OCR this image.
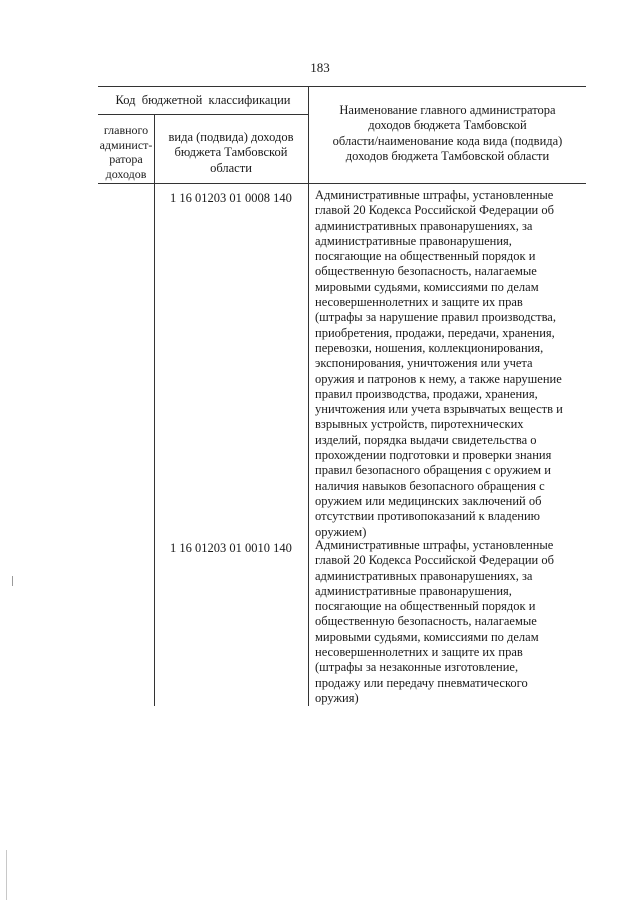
183
Код  бюджетной  классификации
главного
админист-
ратора
доходов
вида (подвида) доходов
бюджета Тамбовской
области
Наименование главного администратора
доходов бюджета Тамбовской
области/наименование кода вида (подвида)
доходов бюджета Тамбовской области
1 16 01203 01 0008 140	Административные штрафы, установленные
главой 20 Кодекса Российской Федерации об
административных правонарушениях, за
административные правонарушения,
посягающие на общественный порядок и
общественную безопасность, налагаемые
мировыми судьями, комиссиями по делам
несовершеннолетних и защите их прав
(штрафы за нарушение правил производства,
приобретения, продажи, передачи, хранения,
перевозки, ношения, коллекционирования,
экспонирования, уничтожения или учета
оружия и патронов к нему, а также нарушение
правил производства, продажи, хранения,
уничтожения или учета взрывчатых веществ и
взрывных устройств, пиротехнических
изделий, порядка выдачи свидетельства о
прохождении подготовки и проверки знания
правил безопасного обращения с оружием и
наличия навыков безопасного обращения с
оружием или медицинских заключений об
отсутствии противопоказаний к владению
оружием)
1 16 01203 01 0010 140	Административные штрафы, установленные
главой 20 Кодекса Российской Федерации об
административных правонарушениях, за
административные правонарушения,
посягающие на общественный порядок и
общественную безопасность, налагаемые
мировыми судьями, комиссиями по делам
несовершеннолетних и защите их прав
(штрафы за незаконные изготовление,
продажу или передачу пневматического
оружия)
